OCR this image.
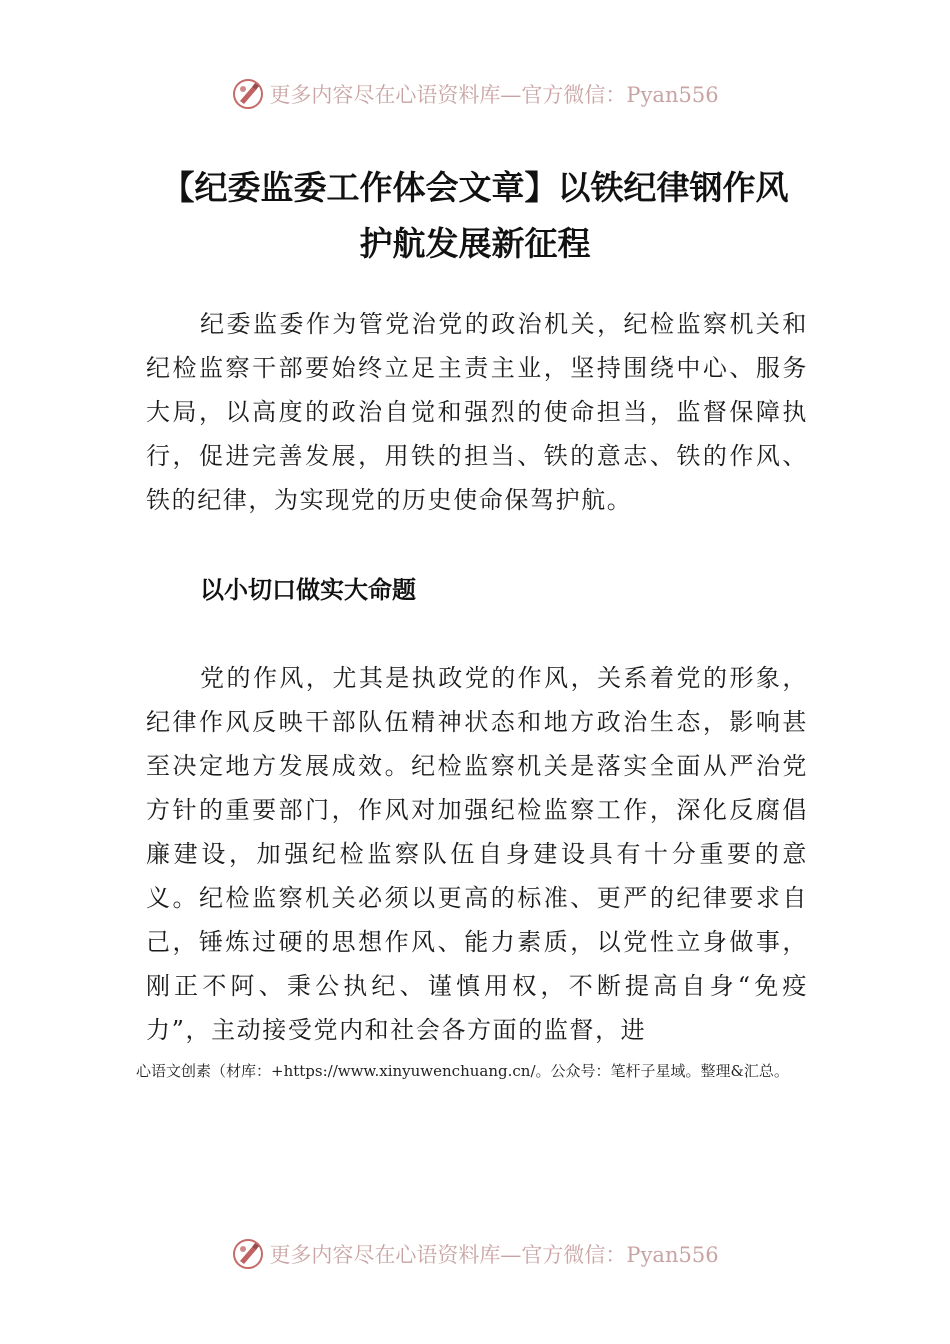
更多内容尽在心语资料库—官方微信：Pyan556
【纪委监委工作体会文章】以铁纪律钢作风
护航发展新征程

纪委监委作为管党治党的政治机关，纪检监察机关和纪检监察干部要始终立足主责主业，坚持围绕中心、服务大局，以高度的政治自觉和强烈的使命担当，监督保障执行，促进完善发展，用铁的担当、铁的意志、铁的作风、铁的纪律，为实现党的历史使命保驾护航。

以小切口做实大命题

党的作风，尤其是执政党的作风，关系着党的形象，纪律作风反映干部队伍精神状态和地方政治生态，影响甚至决定地方发展成效。纪检监察机关是落实全面从严治党方针的重要部门，作风对加强纪检监察工作，深化反腐倡廉建设，加强纪检监察队伍自身建设具有十分重要的意义。纪检监察机关必须以更高的标准、更严的纪律要求自己，锤炼过硬的思想作风、能力素质，以党性立身做事，刚正不阿、秉公执纪、谨慎用权，不断提高自身“免疫力”，主动接受党内和社会各方面的监督，进

心语文创素（材库：+https://www.xinyuwenchuang.cn/。公众号：笔杆子星域。整理&汇总。

更多内容尽在心语资料库—官方微信：Pyan556
